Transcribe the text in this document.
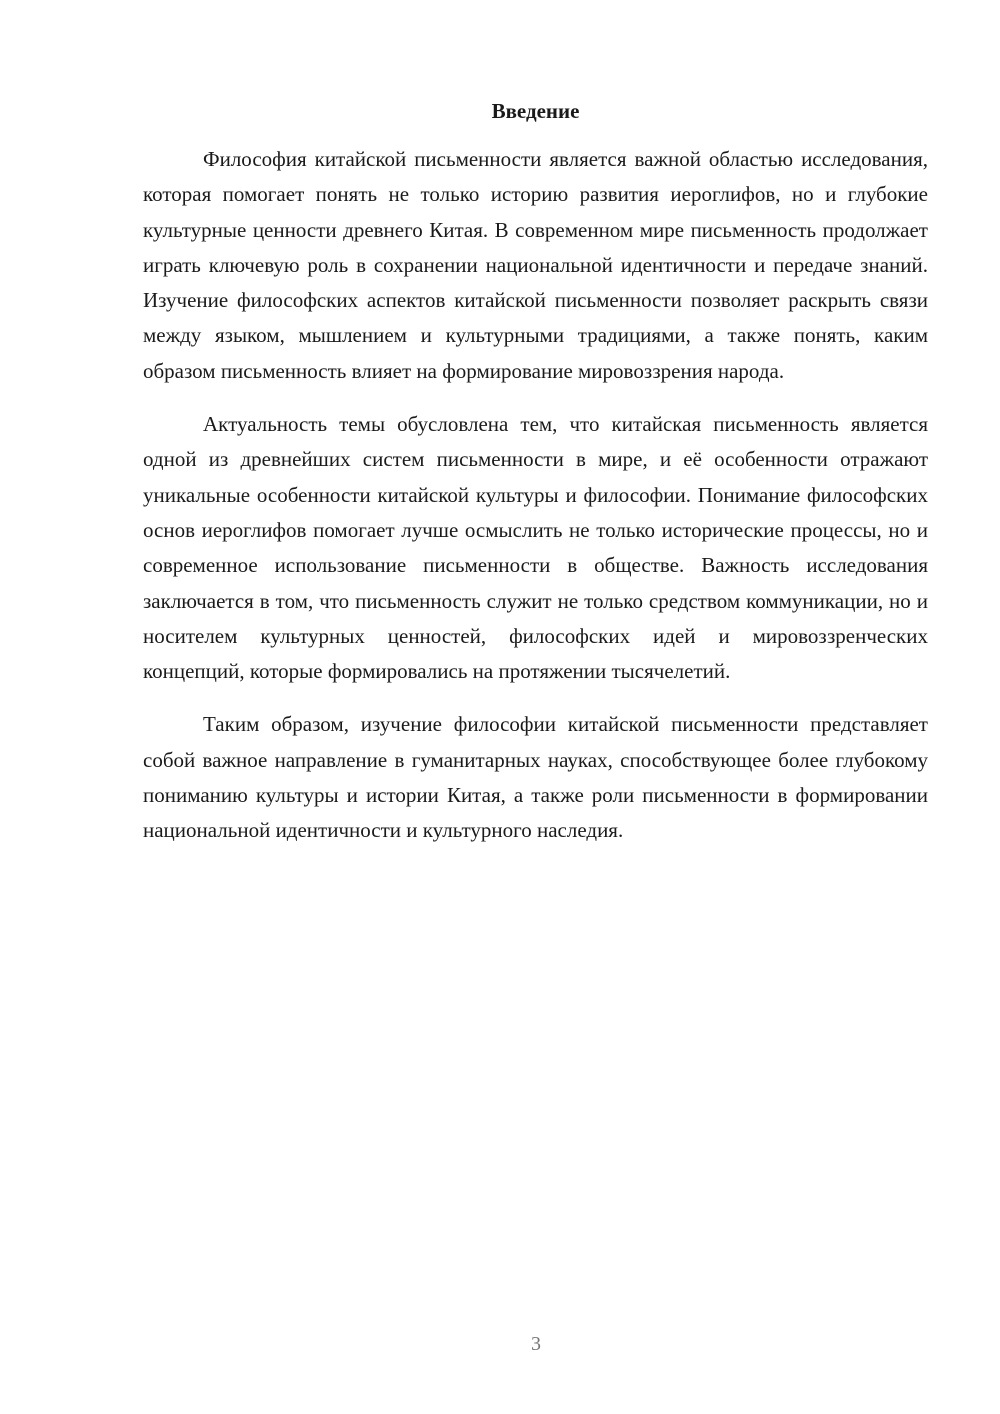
Введение

Философия китайской письменности является важной областью исследования, которая помогает понять не только историю развития иероглифов, но и глубокие культурные ценности древнего Китая. В современном мире письменность продолжает играть ключевую роль в сохранении национальной идентичности и передаче знаний. Изучение философских аспектов китайской письменности позволяет раскрыть связи между языком, мышлением и культурными традициями, а также понять, каким образом письменность влияет на формирование мировоззрения народа.

Актуальность темы обусловлена тем, что китайская письменность является одной из древнейших систем письменности в мире, и её особенности отражают уникальные особенности китайской культуры и философии. Понимание философских основ иероглифов помогает лучше осмыслить не только исторические процессы, но и современное использование письменности в обществе. Важность исследования заключается в том, что письменность служит не только средством коммуникации, но и носителем культурных ценностей, философских идей и мировоззренческих концепций, которые формировались на протяжении тысячелетий.

Таким образом, изучение философии китайской письменности представляет собой важное направление в гуманитарных науках, способствующее более глубокому пониманию культуры и истории Китая, а также роли письменности в формировании национальной идентичности и культурного наследия.

3
